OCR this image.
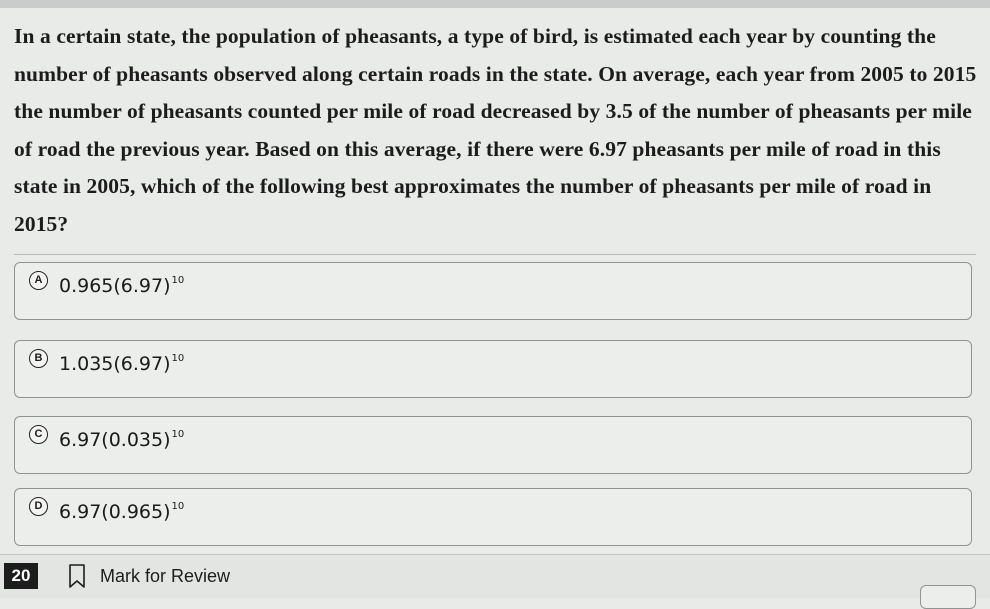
In a certain state, the population of pheasants, a type of bird, is estimated each year by counting the number of pheasants observed along certain roads in the state. On average, each year from 2005 to 2015 the number of pheasants counted per mile of road decreased by 3.5 of the number of pheasants per mile of road the previous year. Based on this average, if there were 6.97 pheasants per mile of road in this state in 2005, which of the following best approximates the number of pheasants per mile of road in 2015?
A $0.965(6.97)^{10}$
B $1.035(6.97)^{10}$
C $6.97(0.035)^{10}$
D $6.97(0.965)^{10}$
20	Mark for Review
